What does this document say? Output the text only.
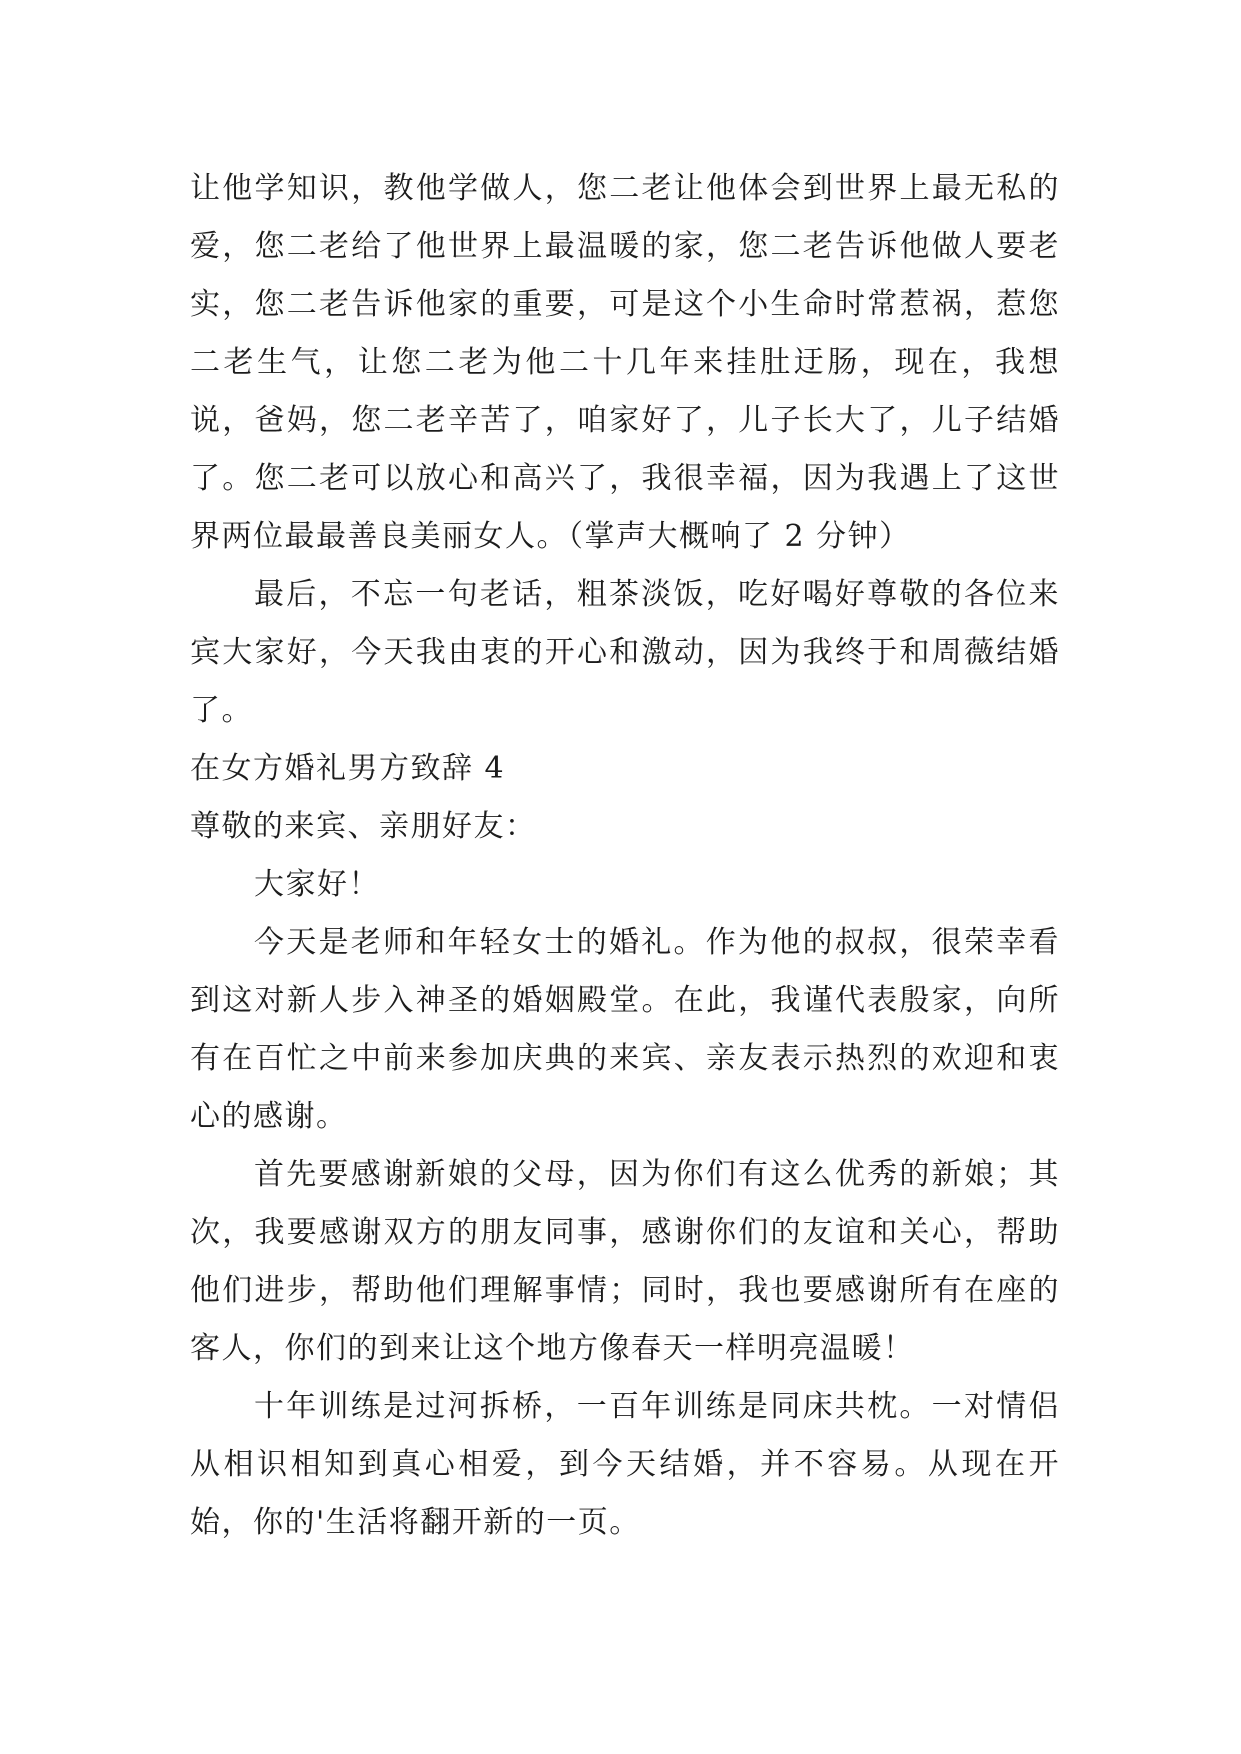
让他学知识，教他学做人，您二老让他体会到世界上最无私的爱，您二老给了他世界上最温暖的家，您二老告诉他做人要老实，您二老告诉他家的重要，可是这个小生命时常惹祸，惹您二老生气，让您二老为他二十几年来挂肚迂肠，现在，我想说，爸妈，您二老辛苦了，咱家好了，儿子长大了，儿子结婚了。您二老可以放心和高兴了，我很幸福，因为我遇上了这世界两位最最善良美丽女人。（掌声大概响了 2 分钟）

最后，不忘一句老话，粗茶淡饭，吃好喝好尊敬的各位来宾大家好，今天我由衷的开心和激动，因为我终于和周薇结婚了。

在女方婚礼男方致辞 4

尊敬的来宾、亲朋好友：

大家好！

今天是老师和年轻女士的婚礼。作为他的叔叔，很荣幸看到这对新人步入神圣的婚姻殿堂。在此，我谨代表殷家，向所有在百忙之中前来参加庆典的来宾、亲友表示热烈的欢迎和衷心的感谢。

首先要感谢新娘的父母，因为你们有这么优秀的新娘；其次，我要感谢双方的朋友同事，感谢你们的友谊和关心，帮助他们进步，帮助他们理解事情；同时，我也要感谢所有在座的客人，你们的到来让这个地方像春天一样明亮温暖！

十年训练是过河拆桥，一百年训练是同床共枕。一对情侣从相识相知到真心相爱，到今天结婚，并不容易。从现在开始，你的'生活将翻开新的一页。
